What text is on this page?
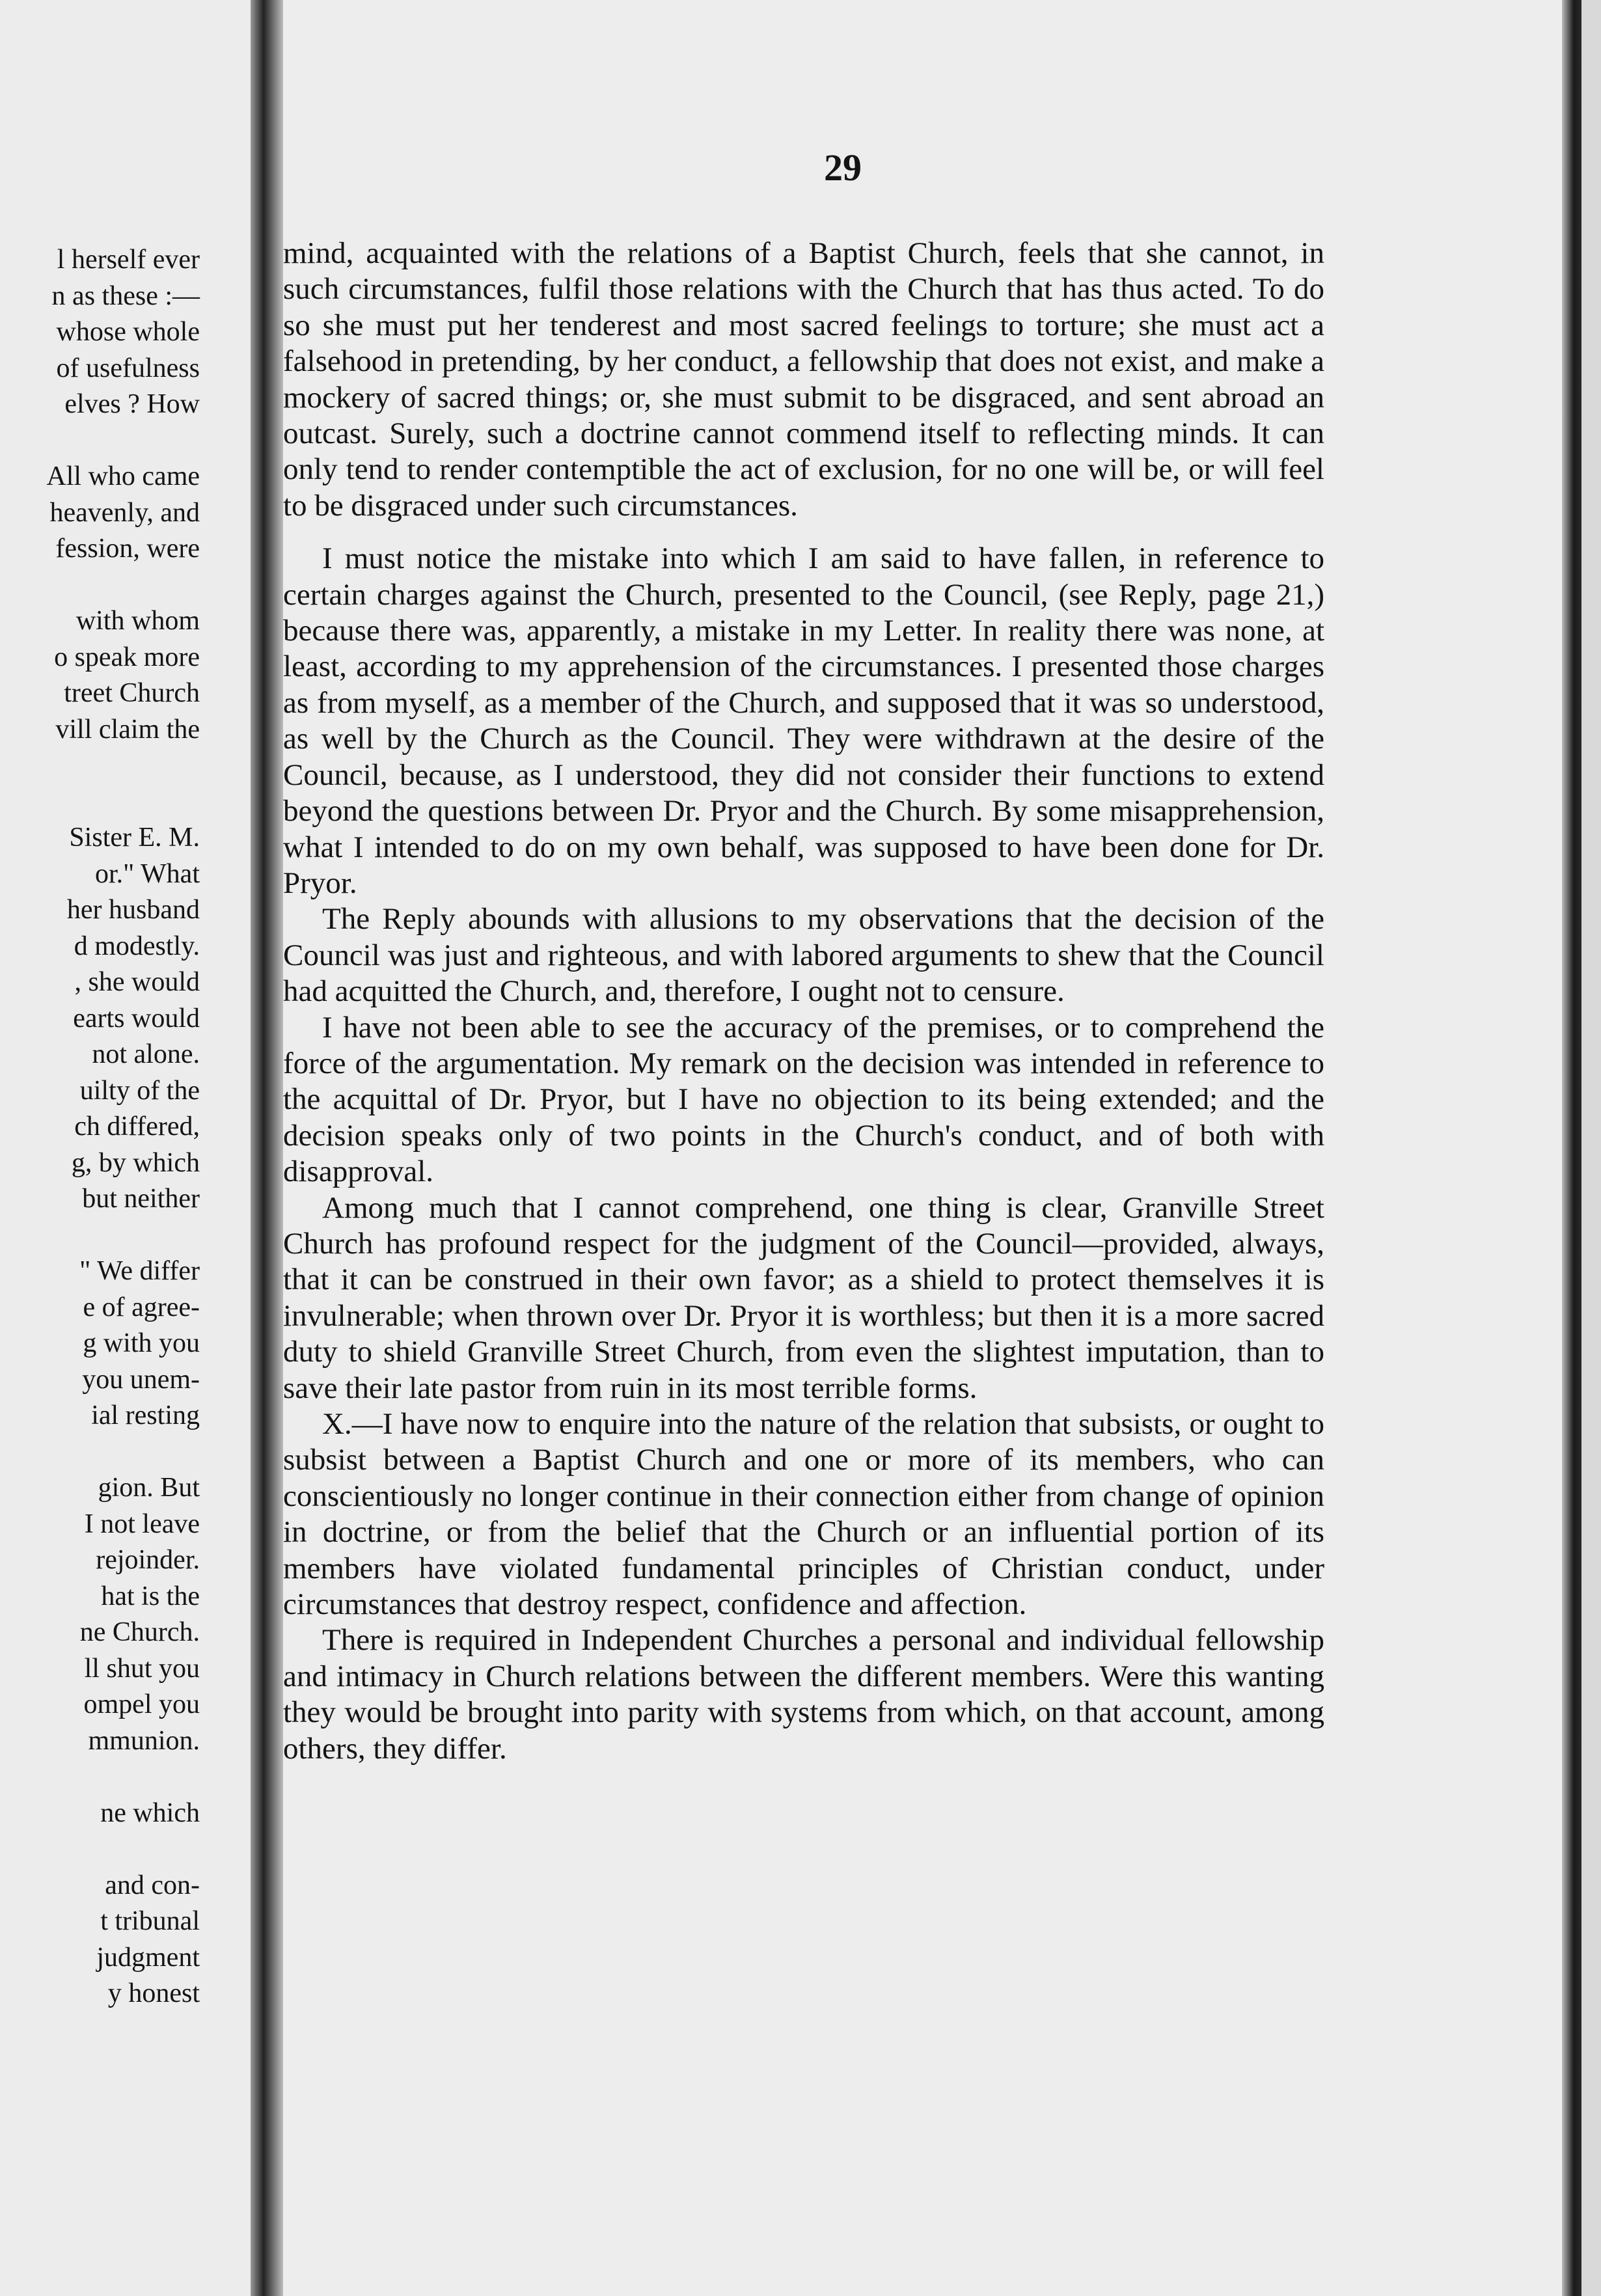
l herself ever
n as these :—
whose whole
of usefulness
elves ? How
All who came
heavenly, and
fession, were
with whom
o speak more
treet Church
vill claim the
Sister E. M.
or." What
her husband
d modestly.
, she would
earts would
not alone.
uilty of the
ch differed,
g, by which
but neither
" We differ
e of agree-
g with you
you unem-
ial resting
gion. But
I not leave
rejoinder.
hat is the
ne Church.
ll shut you
ompel you
mmunion.
ne which
and con-
t tribunal
judgment
y honest
29

mind, acquainted with the relations of a Baptist Church, feels that she cannot, in such circumstances, fulfil those relations with the Church that has thus acted. To do so she must put her tenderest and most sacred feelings to torture; she must act a falsehood in pretending, by her conduct, a fellowship that does not exist, and make a mockery of sacred things; or, she must submit to be disgraced, and sent abroad an outcast. Surely, such a doctrine cannot commend itself to reflecting minds. It can only tend to render contemptible the act of exclusion, for no one will be, or will feel to be disgraced under such circumstances.

I must notice the mistake into which I am said to have fallen, in reference to certain charges against the Church, presented to the Council, (see Reply, page 21,) because there was, apparently, a mistake in my Letter. In reality there was none, at least, according to my apprehension of the circumstances. I presented those charges as from myself, as a member of the Church, and supposed that it was so understood, as well by the Church as the Council. They were withdrawn at the desire of the Council, because, as I understood, they did not consider their functions to extend beyond the questions between Dr. Pryor and the Church. By some misapprehension, what I intended to do on my own behalf, was supposed to have been done for Dr. Pryor.

The Reply abounds with allusions to my observations that the decision of the Council was just and righteous, and with labored arguments to shew that the Council had acquitted the Church, and, therefore, I ought not to censure.

I have not been able to see the accuracy of the premises, or to comprehend the force of the argumentation. My remark on the decision was intended in reference to the acquittal of Dr. Pryor, but I have no objection to its being extended; and the decision speaks only of two points in the Church's conduct, and of both with disapproval.

Among much that I cannot comprehend, one thing is clear, Granville Street Church has profound respect for the judgment of the Council—provided, always, that it can be construed in their own favor; as a shield to protect themselves it is invulnerable; when thrown over Dr. Pryor it is worthless; but then it is a more sacred duty to shield Granville Street Church, from even the slightest imputation, than to save their late pastor from ruin in its most terrible forms.

X.—I have now to enquire into the nature of the relation that subsists, or ought to subsist between a Baptist Church and one or more of its members, who can conscientiously no longer continue in their connection either from change of opinion in doctrine, or from the belief that the Church or an influential portion of its members have violated fundamental principles of Christian conduct, under circumstances that destroy respect, confidence and affection.

There is required in Independent Churches a personal and individual fellowship and intimacy in Church relations between the different members. Were this wanting they would be brought into parity with systems from which, on that account, among others, they differ.
